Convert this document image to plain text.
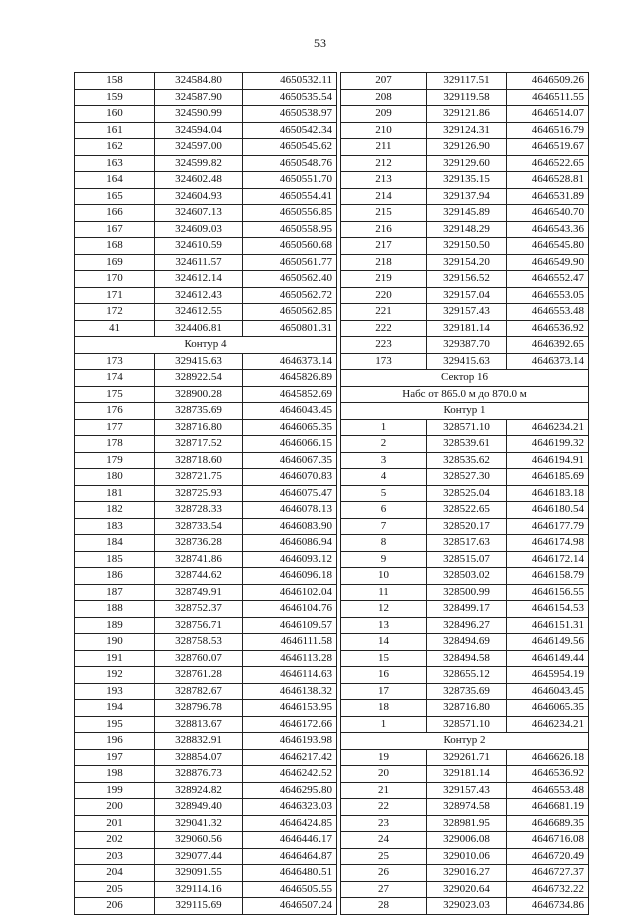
53
158	324584.80	4650532.11
159	324587.90	4650535.54
160	324590.99	4650538.97
161	324594.04	4650542.34
162	324597.00	4650545.62
163	324599.82	4650548.76
164	324602.48	4650551.70
165	324604.93	4650554.41
166	324607.13	4650556.85
167	324609.03	4650558.95
168	324610.59	4650560.68
169	324611.57	4650561.77
170	324612.14	4650562.40
171	324612.43	4650562.72
172	324612.55	4650562.85
41	324406.81	4650801.31
Контур 4		
173	329415.63	4646373.14
174	328922.54	4645826.89
175	328900.28	4645852.69
176	328735.69	4646043.45
177	328716.80	4646065.35
178	328717.52	4646066.15
179	328718.60	4646067.35
180	328721.75	4646070.83
181	328725.93	4646075.47
182	328728.33	4646078.13
183	328733.54	4646083.90
184	328736.28	4646086.94
185	328741.86	4646093.12
186	328744.62	4646096.18
187	328749.91	4646102.04
188	328752.37	4646104.76
189	328756.71	4646109.57
190	328758.53	4646111.58
191	328760.07	4646113.28
192	328761.28	4646114.63
193	328782.67	4646138.32
194	328796.78	4646153.95
195	328813.67	4646172.66
196	328832.91	4646193.98
197	328854.07	4646217.42
198	328876.73	4646242.52
199	328924.82	4646295.80
200	328949.40	4646323.03
201	329041.32	4646424.85
202	329060.56	4646446.17
203	329077.44	4646464.87
204	329091.55	4646480.51
205	329114.16	4646505.55
206	329115.69	4646507.24
207	329117.51	4646509.26
208	329119.58	4646511.55
209	329121.86	4646514.07
210	329124.31	4646516.79
211	329126.90	4646519.67
212	329129.60	4646522.65
213	329135.15	4646528.81
214	329137.94	4646531.89
215	329145.89	4646540.70
216	329148.29	4646543.36
217	329150.50	4646545.80
218	329154.20	4646549.90
219	329156.52	4646552.47
220	329157.04	4646553.05
221	329157.43	4646553.48
222	329181.14	4646536.92
223	329387.70	4646392.65
173	329415.63	4646373.14
Сектор 16		
Набс от 865.0 м до 870.0 м		
Контур 1		
1	328571.10	4646234.21
2	328539.61	4646199.32
3	328535.62	4646194.91
4	328527.30	4646185.69
5	328525.04	4646183.18
6	328522.65	4646180.54
7	328520.17	4646177.79
8	328517.63	4646174.98
9	328515.07	4646172.14
10	328503.02	4646158.79
11	328500.99	4646156.55
12	328499.17	4646154.53
13	328496.27	4646151.31
14	328494.69	4646149.56
15	328494.58	4646149.44
16	328655.12	4645954.19
17	328735.69	4646043.45
18	328716.80	4646065.35
1	328571.10	4646234.21
Контур 2		
19	329261.71	4646626.18
20	329181.14	4646536.92
21	329157.43	4646553.48
22	328974.58	4646681.19
23	328981.95	4646689.35
24	329006.08	4646716.08
25	329010.06	4646720.49
26	329016.27	4646727.37
27	329020.64	4646732.22
28	329023.03	4646734.86
